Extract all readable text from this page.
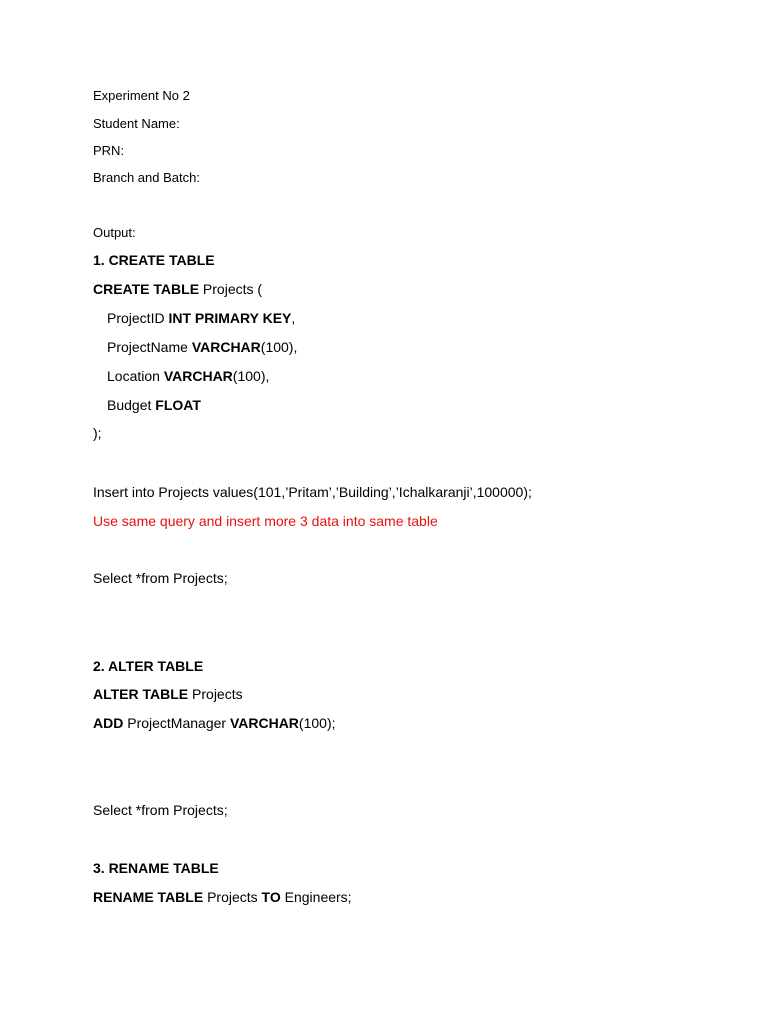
Experiment No 2
Student Name:
PRN:
Branch and Batch:
Output:
1. CREATE TABLE
CREATE TABLE Projects (
ProjectID INT PRIMARY KEY,
ProjectName VARCHAR(100),
Location VARCHAR(100),
Budget FLOAT
);
Insert into Projects values(101,’Pritam’,’Building’,’Ichalkaranji’,100000);
Use same query and insert more 3 data into same table
Select *from Projects;
2. ALTER TABLE
ALTER TABLE Projects
ADD ProjectManager VARCHAR(100);
Select *from Projects;
3. RENAME TABLE
RENAME TABLE Projects TO Engineers;
